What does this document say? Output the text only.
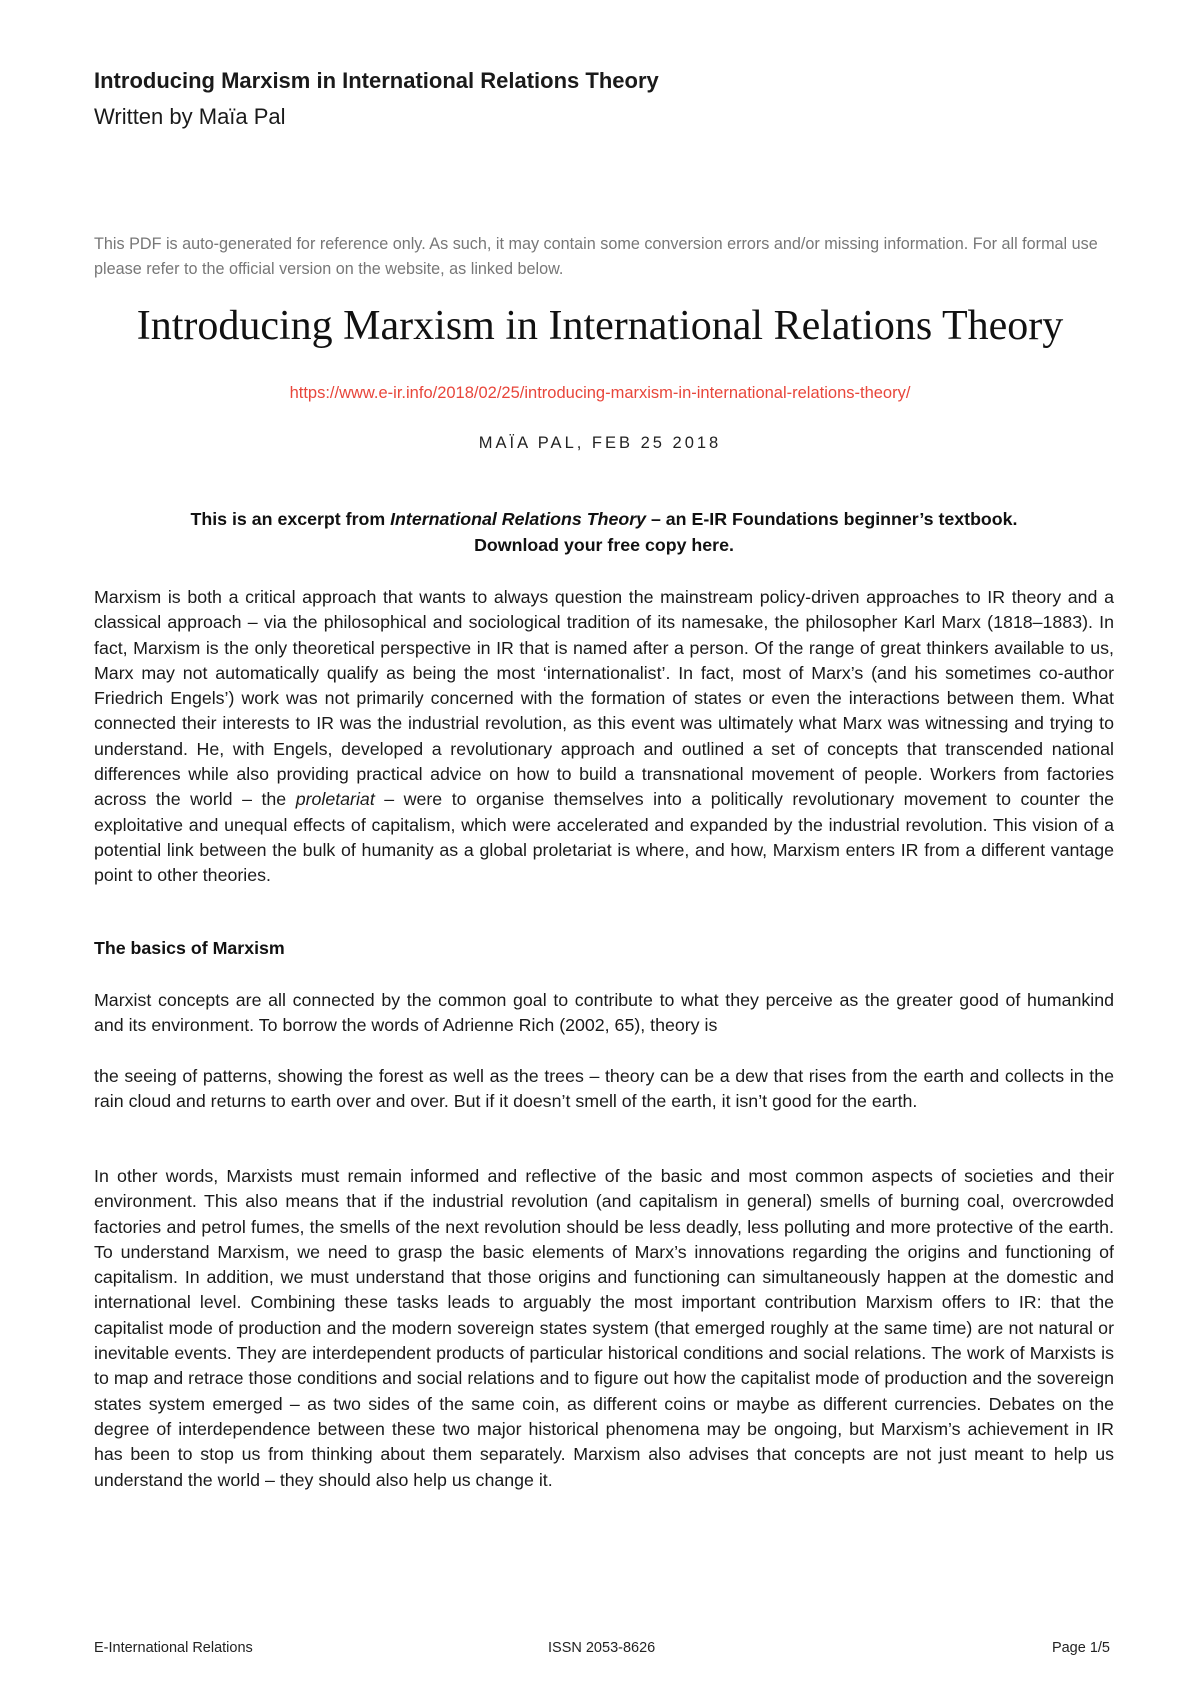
Introducing Marxism in International Relations Theory
Written by Maïa Pal
This PDF is auto-generated for reference only. As such, it may contain some conversion errors and/or missing information. For all formal use please refer to the official version on the website, as linked below.
Introducing Marxism in International Relations Theory
https://www.e-ir.info/2018/02/25/introducing-marxism-in-international-relations-theory/
MAÏA PAL, FEB 25 2018
This is an excerpt from International Relations Theory – an E-IR Foundations beginner’s textbook.
Download your free copy here.
Marxism is both a critical approach that wants to always question the mainstream policy-driven approaches to IR theory and a classical approach – via the philosophical and sociological tradition of its namesake, the philosopher Karl Marx (1818–1883). In fact, Marxism is the only theoretical perspective in IR that is named after a person. Of the range of great thinkers available to us, Marx may not automatically qualify as being the most ‘internationalist’. In fact, most of Marx’s (and his sometimes co-author Friedrich Engels’) work was not primarily concerned with the formation of states or even the interactions between them. What connected their interests to IR was the industrial revolution, as this event was ultimately what Marx was witnessing and trying to understand. He, with Engels, developed a revolutionary approach and outlined a set of concepts that transcended national differences while also providing practical advice on how to build a transnational movement of people. Workers from factories across the world – the proletariat – were to organise themselves into a politically revolutionary movement to counter the exploitative and unequal effects of capitalism, which were accelerated and expanded by the industrial revolution. This vision of a potential link between the bulk of humanity as a global proletariat is where, and how, Marxism enters IR from a different vantage point to other theories.
The basics of Marxism
Marxist concepts are all connected by the common goal to contribute to what they perceive as the greater good of humankind and its environment. To borrow the words of Adrienne Rich (2002, 65), theory is
the seeing of patterns, showing the forest as well as the trees – theory can be a dew that rises from the earth and collects in the rain cloud and returns to earth over and over. But if it doesn’t smell of the earth, it isn’t good for the earth.
In other words, Marxists must remain informed and reflective of the basic and most common aspects of societies and their environment. This also means that if the industrial revolution (and capitalism in general) smells of burning coal, overcrowded factories and petrol fumes, the smells of the next revolution should be less deadly, less polluting and more protective of the earth. To understand Marxism, we need to grasp the basic elements of Marx’s innovations regarding the origins and functioning of capitalism. In addition, we must understand that those origins and functioning can simultaneously happen at the domestic and international level. Combining these tasks leads to arguably the most important contribution Marxism offers to IR: that the capitalist mode of production and the modern sovereign states system (that emerged roughly at the same time) are not natural or inevitable events. They are interdependent products of particular historical conditions and social relations. The work of Marxists is to map and retrace those conditions and social relations and to figure out how the capitalist mode of production and the sovereign states system emerged – as two sides of the same coin, as different coins or maybe as different currencies. Debates on the degree of interdependence between these two major historical phenomena may be ongoing, but Marxism’s achievement in IR has been to stop us from thinking about them separately. Marxism also advises that concepts are not just meant to help us understand the world – they should also help us change it.
E-International Relations	ISSN 2053-8626	Page 1/5
